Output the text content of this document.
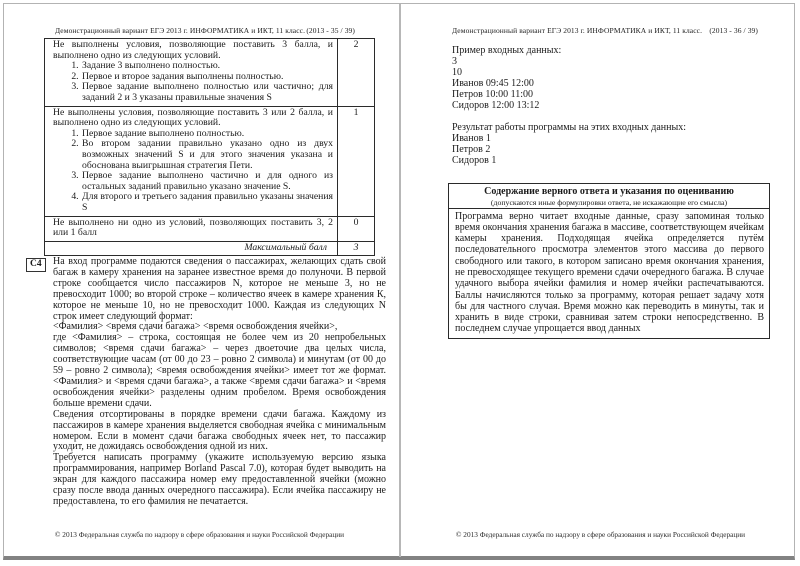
Демонстрационный вариант ЕГЭ 2013 г. ИНФОРМАТИКА и ИКТ, 11 класс. (2013 - 35 / 39)
Не выполнены условия, позволяющие поставить 3 балла, и выполнено одно из следующих условий.
1. Задание 3 выполнено полностью.
2. Первое и второе задания выполнены полностью.
3. Первое задание выполнено полностью или частично; для заданий 2 и 3 указаны правильные значения S
	2

Не выполнены условия, позволяющие поставить 3 или 2 балла, и выполнено одно из следующих условий.
1. Первое задание выполнено полностью.
2. Во втором задании правильно указано одно из двух возможных значений S и для этого значения указана и обоснована выигрышная стратегия Пети.
3. Первое задание выполнено частично и для одного из остальных заданий правильно указано значение S.
4. Для второго и третьего задания правильно указаны значения S
	1
Не выполнено ни одно из условий, позволяющих поставить 3, 2 или 1 балл	0
Максимальный балл	3
С4	На вход программе подаются сведения о пассажирах, желающих сдать свой багаж в камеру хранения на заранее известное время до полуночи. В первой строке сообщается число пассажиров N, которое не меньше 3, но не превосходит 1000; во второй строке – количество ячеек в камере хранения К, которое не меньше 10, но не превосходит 1000. Каждая из следующих N строк имеет следующий формат:

<Фамилия> <время сдачи багажа> <время освобождения ячейки>,

где <Фамилия> – строка, состоящая не более чем из 20 непробельных символов; <время сдачи багажа> – через двоеточие два целых числа, соответствующие часам (от 00 до 23 – ровно 2 символа) и минутам (от 00 до 59 – ровно 2 символа); <время освобождения ячейки> имеет тот же формат. <Фамилия> и <время сдачи багажа>, а также <время сдачи багажа> и <время освобождения ячейки> разделены одним пробелом. Время освобождения больше времени сдачи.

Сведения отсортированы в порядке времени сдачи багажа. Каждому из пассажиров в камере хранения выделяется свободная ячейка с минимальным номером. Если в момент сдачи багажа свободных ячеек нет, то пассажир уходит, не дожидаясь освобождения одной из них.

Требуется написать программу (укажите используемую версию языка программирования, например Borland Pascal 7.0), которая будет выводить на экран для каждого пассажира номер ему предоставленной ячейки (можно сразу после ввода данных очередного пассажира). Если ячейка пассажиру не предоставлена, то его фамилия не печатается.

© 2013 Федеральная служба по надзору в сфере образования и науки Российской Федерации
Демонстрационный вариант ЕГЭ 2013 г. ИНФОРМАТИКА и ИКТ, 11 класс. (2013 - 36 / 39)
Пример входных данных:
3
10
Иванов 09:45 12:00
Петров 10:00 11:00
Сидоров 12:00 13:12
Результат работы программы на этих входных данных:
Иванов 1
Петров 2
Сидоров 1
Содержание верного ответа и указания по оцениванию
(допускаются иные формулировки ответа, не искажающие его смысла)
Программа верно читает входные данные, сразу запоминая только время окончания хранения багажа в массиве, соответствующем ячейкам камеры хранения. Подходящая ячейка определяется путём последовательного просмотра элементов этого массива до первого свободного или такого, в котором записано время окончания хранения, не превосходящее текущего времени сдачи очередного багажа. В случае удачного выбора ячейки фамилия и номер ячейки распечатываются. Баллы начисляются только за программу, которая решает задачу хотя бы для частного случая. Время можно как переводить в минуты, так и хранить в виде строки, сравнивая затем строки непосредственно. В последнем случае упрощается ввод данных
© 2013 Федеральная служба по надзору в сфере образования и науки Российской Федерации
